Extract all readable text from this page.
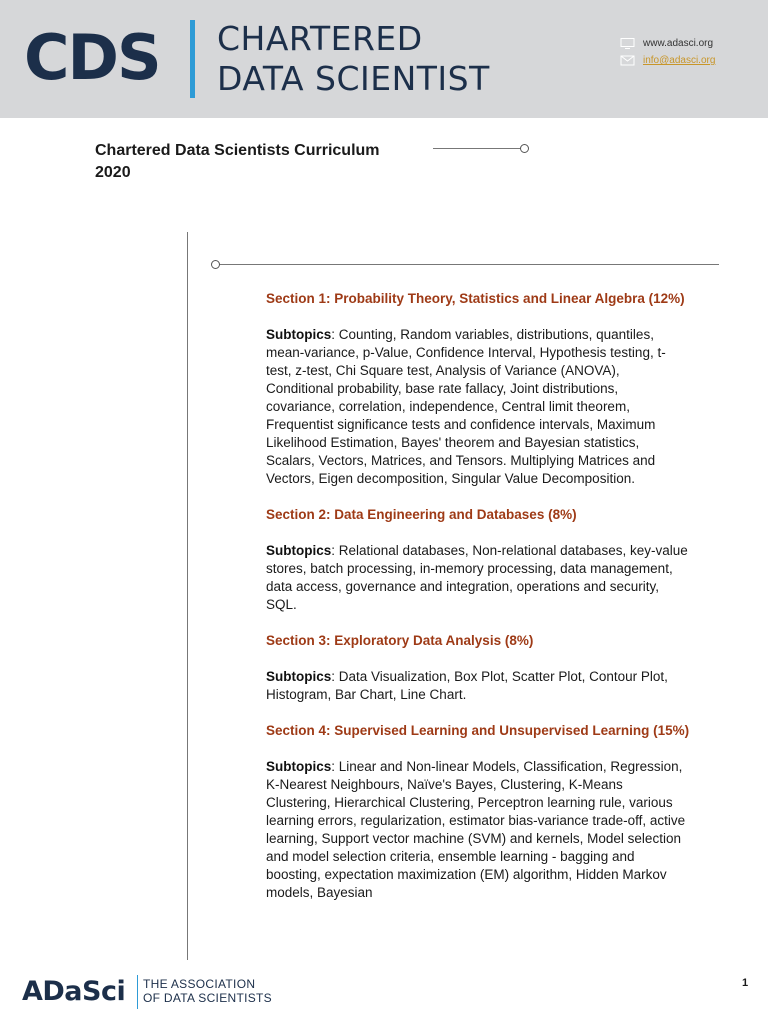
CDS CHARTERED
DATA SCIENTIST
www.adasci.org
info@adasci.org
Chartered Data Scientists Curriculum
2020
Section 1: Probability Theory, Statistics and Linear Algebra (12%)
Subtopics: Counting, Random variables, distributions, quantiles, mean-variance, p-Value, Confidence Interval, Hypothesis testing, t-test, z-test, Chi Square test, Analysis of Variance (ANOVA), Conditional probability, base rate fallacy, Joint distributions, covariance, correlation, independence, Central limit theorem, Frequentist significance tests and confidence intervals, Maximum Likelihood Estimation, Bayes' theorem and Bayesian statistics, Scalars, Vectors, Matrices, and Tensors. Multiplying Matrices and Vectors, Eigen decomposition, Singular Value Decomposition.
Section 2: Data Engineering and Databases (8%)
Subtopics: Relational databases, Non-relational databases, key-value stores, batch processing, in-memory processing, data management, data access, governance and integration, operations and security, SQL.
Section 3: Exploratory Data Analysis (8%)
Subtopics: Data Visualization, Box Plot, Scatter Plot, Contour Plot, Histogram, Bar Chart, Line Chart.
Section 4: Supervised Learning and Unsupervised Learning (15%)
Subtopics: Linear and Non-linear Models, Classification, Regression, K-Nearest Neighbours, Naïve's Bayes, Clustering, K-Means Clustering, Hierarchical Clustering, Perceptron learning rule, various learning errors, regularization, estimator bias-variance trade-off, active learning, Support vector machine (SVM) and kernels, Model selection and model selection criteria, ensemble learning - bagging and boosting, expectation maximization (EM) algorithm, Hidden Markov models, Bayesian
ADaSci THE ASSOCIATION
OF DATA SCIENTISTS
1
